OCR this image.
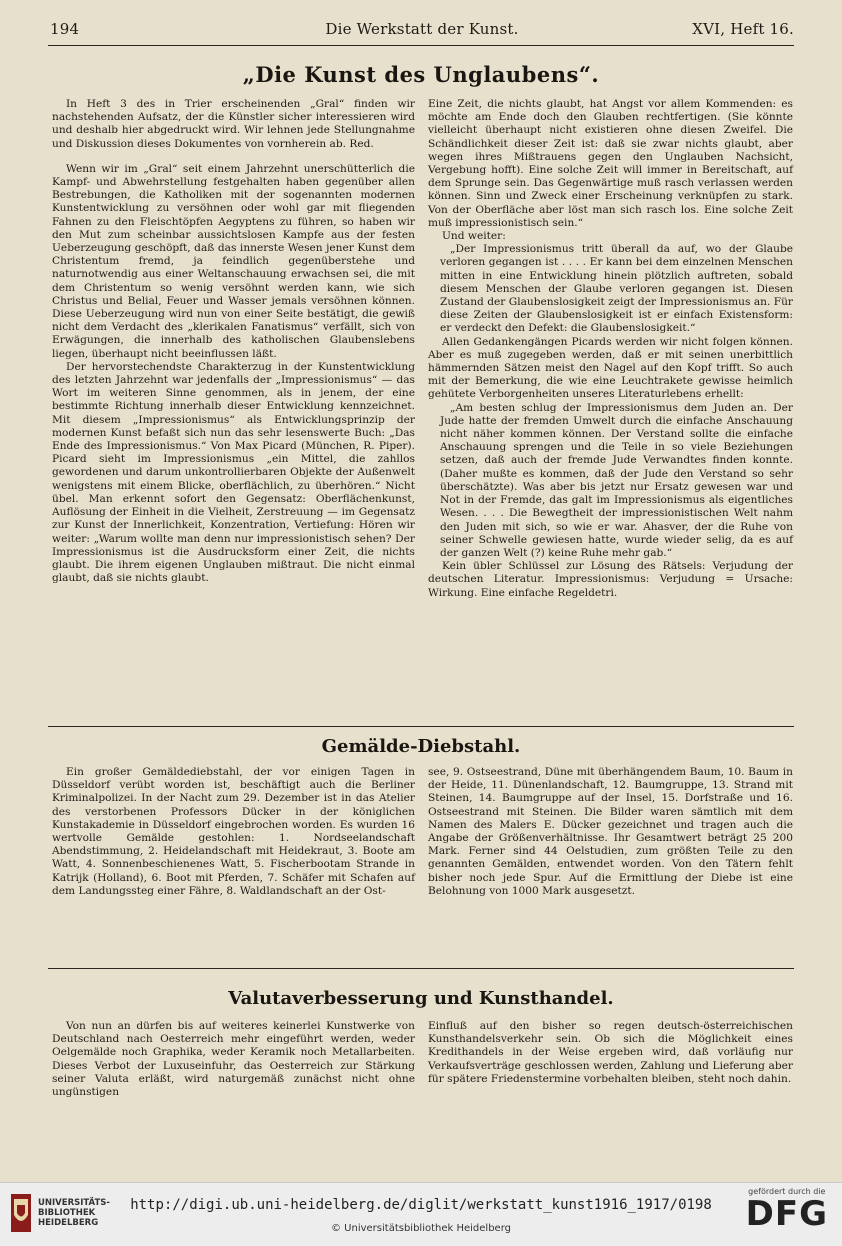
194	Die Werkstatt der Kunst.	XVI, Heft 16.
„Die Kunst des Unglaubens“.

In Heft 3 des in Trier erscheinenden „Gral“ finden wir nachstehenden Aufsatz, der die Künstler sicher interessieren wird und deshalb hier abgedruckt wird. Wir lehnen jede Stellungnahme und Diskussion dieses Dokumentes von vornherein ab. Red.

Wenn wir im „Gral“ seit einem Jahrzehnt unerschütterlich die Kampf- und Abwehrstellung festgehalten haben gegenüber allen Bestrebungen, die Katholiken mit der sogenannten modernen Kunstentwicklung zu versöhnen oder wohl gar mit fliegenden Fahnen zu den Fleischtöpfen Aegyptens zu führen, so haben wir den Mut zum scheinbar aussichtslosen Kampfe aus der festen Ueberzeugung geschöpft, daß das innerste Wesen jener Kunst dem Christentum fremd, ja feindlich gegenüberstehe und naturnotwendig aus einer Weltanschauung erwachsen sei, die mit dem Christentum so wenig versöhnt werden kann, wie sich Christus und Belial, Feuer und Wasser jemals versöhnen können. Diese Ueberzeugung wird nun von einer Seite bestätigt, die gewiß nicht dem Verdacht des „klerikalen Fanatismus“ verfällt, sich von Erwägungen, die innerhalb des katholischen Glaubenslebens liegen, überhaupt nicht beeinflussen läßt.

Der hervorstechendste Charakterzug in der Kunstentwicklung des letzten Jahrzehnt war jedenfalls der „Impressionismus“ — das Wort im weiteren Sinne genommen, als in jenem, der eine bestimmte Richtung innerhalb dieser Entwicklung kennzeichnet. Mit diesem „Impressionismus“ als Entwicklungsprinzip der modernen Kunst befaßt sich nun das sehr lesenswerte Buch: „Das Ende des Impressionismus.“ Von Max Picard (München, R. Piper). Picard sieht im Impressionismus „ein Mittel, die zahllos gewordenen und darum unkontrollierbaren Objekte der Außenwelt wenigstens mit einem Blicke, oberflächlich, zu überhören.“ Nicht übel. Man erkennt sofort den Gegensatz: Oberflächenkunst, Auflösung der Einheit in die Vielheit, Zerstreuung — im Gegensatz zur Kunst der Innerlichkeit, Konzentration, Vertiefung: Hören wir weiter: „Warum wollte man denn nur impressionistisch sehen? Der Impressionismus ist die Ausdrucksform einer Zeit, die nichts glaubt. Die ihrem eigenen Unglauben mißtraut. Die nicht einmal glaubt, daß sie nichts glaubt.

Eine Zeit, die nichts glaubt, hat Angst vor allem Kommenden: es möchte am Ende doch den Glauben rechtfertigen. (Sie könnte vielleicht überhaupt nicht existieren ohne diesen Zweifel. Die Schändlichkeit dieser Zeit ist: daß sie zwar nichts glaubt, aber wegen ihres Mißtrauens gegen den Unglauben Nachsicht, Vergebung hofft). Eine solche Zeit will immer in Bereitschaft, auf dem Sprunge sein. Das Gegenwärtige muß rasch verlassen werden können. Sinn und Zweck einer Erscheinung verknüpfen zu stark. Von der Oberfläche aber löst man sich rasch los. Eine solche Zeit muß impressionistisch sein.“

Und weiter:

„Der Impressionismus tritt überall da auf, wo der Glaube verloren gegangen ist . . . . Er kann bei dem einzelnen Menschen mitten in eine Entwicklung hinein plötzlich auftreten, sobald diesem Menschen der Glaube verloren gegangen ist. Diesen Zustand der Glaubenslosigkeit zeigt der Impressionismus an. Für diese Zeiten der Glaubenslosigkeit ist er einfach Existensform: er verdeckt den Defekt: die Glaubenslosigkeit.“

Allen Gedankengängen Picards werden wir nicht folgen können. Aber es muß zugegeben werden, daß er mit seinen unerbittlich hämmernden Sätzen meist den Nagel auf den Kopf trifft. So auch mit der Bemerkung, die wie eine Leuchtrakete gewisse heimlich gehütete Verborgenheiten unseres Literaturlebens erhellt:

„Am besten schlug der Impressionismus dem Juden an. Der Jude hatte der fremden Umwelt durch die einfache Anschauung nicht näher kommen können. Der Verstand sollte die einfache Anschauung sprengen und die Teile in so viele Beziehungen setzen, daß auch der fremde Jude Verwandtes finden konnte. (Daher mußte es kommen, daß der Jude den Verstand so sehr überschätzte). Was aber bis jetzt nur Ersatz gewesen war und Not in der Fremde, das galt im Impressionismus als eigentliches Wesen. . . . Die Bewegtheit der impressionistischen Welt nahm den Juden mit sich, so wie er war. Ahasver, der die Ruhe von seiner Schwelle gewiesen hatte, wurde wieder selig, da es auf der ganzen Welt (?) keine Ruhe mehr gab.“

Kein übler Schlüssel zur Lösung des Rätsels: Verjudung der deutschen Literatur. Impressionismus: Verjudung = Ursache: Wirkung. Eine einfache Regeldetri.

Gemälde-Diebstahl.

Ein großer Gemäldediebstahl, der vor einigen Tagen in Düsseldorf verübt worden ist, beschäftigt auch die Berliner Kriminalpolizei. In der Nacht zum 29. Dezember ist in das Atelier des verstorbenen Professors Dücker in der königlichen Kunstakademie in Düsseldorf eingebrochen worden. Es wurden 16 wertvolle Gemälde gestohlen: 1. Nordseelandschaft Abendstimmung, 2. Heidelandschaft mit Heidekraut, 3. Boote am Watt, 4. Sonnenbeschienenes Watt, 5. Fischerbootam Strande in Katrijk (Holland), 6. Boot mit Pferden, 7. Schäfer mit Schafen auf dem Landungssteg einer Fähre, 8. Waldlandschaft an der Ost-

see, 9. Ostseestrand, Düne mit überhängendem Baum, 10. Baum in der Heide, 11. Dünenlandschaft, 12. Baumgruppe, 13. Strand mit Steinen, 14. Baumgruppe auf der Insel, 15. Dorfstraße und 16. Ostseestrand mit Steinen. Die Bilder waren sämtlich mit dem Namen des Malers E. Dücker gezeichnet und tragen auch die Angabe der Größenverhältnisse. Ihr Gesamtwert beträgt 25 200 Mark. Ferner sind 44 Oelstudien, zum größten Teile zu den genannten Gemälden, entwendet worden. Von den Tätern fehlt bisher noch jede Spur. Auf die Ermittlung der Diebe ist eine Belohnung von 1000 Mark ausgesetzt.

Valutaverbesserung und Kunsthandel.

Von nun an dürfen bis auf weiteres keinerlei Kunstwerke von Deutschland nach Oesterreich mehr eingeführt werden, weder Oelgemälde noch Graphika, weder Keramik noch Metallarbeiten. Dieses Verbot der Luxuseinfuhr, das Oesterreich zur Stärkung seiner Valuta erläßt, wird naturgemäß zunächst nicht ohne ungünstigen

Einfluß auf den bisher so regen deutsch-österreichischen Kunsthandelsverkehr sein. Ob sich die Möglichkeit eines Kredithandels in der Weise ergeben wird, daß vorläufig nur Verkaufsverträge geschlossen werden, Zahlung und Lieferung aber für spätere Friedenstermine vorbehalten bleiben, steht noch dahin.

UNIVERSITÄTS-
BIBLIOTHEK
HEIDELBERG
http://digi.ub.uni-heidelberg.de/diglit/werkstatt_kunst1916_1917/0198
© Universitätsbibliothek Heidelberg
gefördert durch die
DFG
